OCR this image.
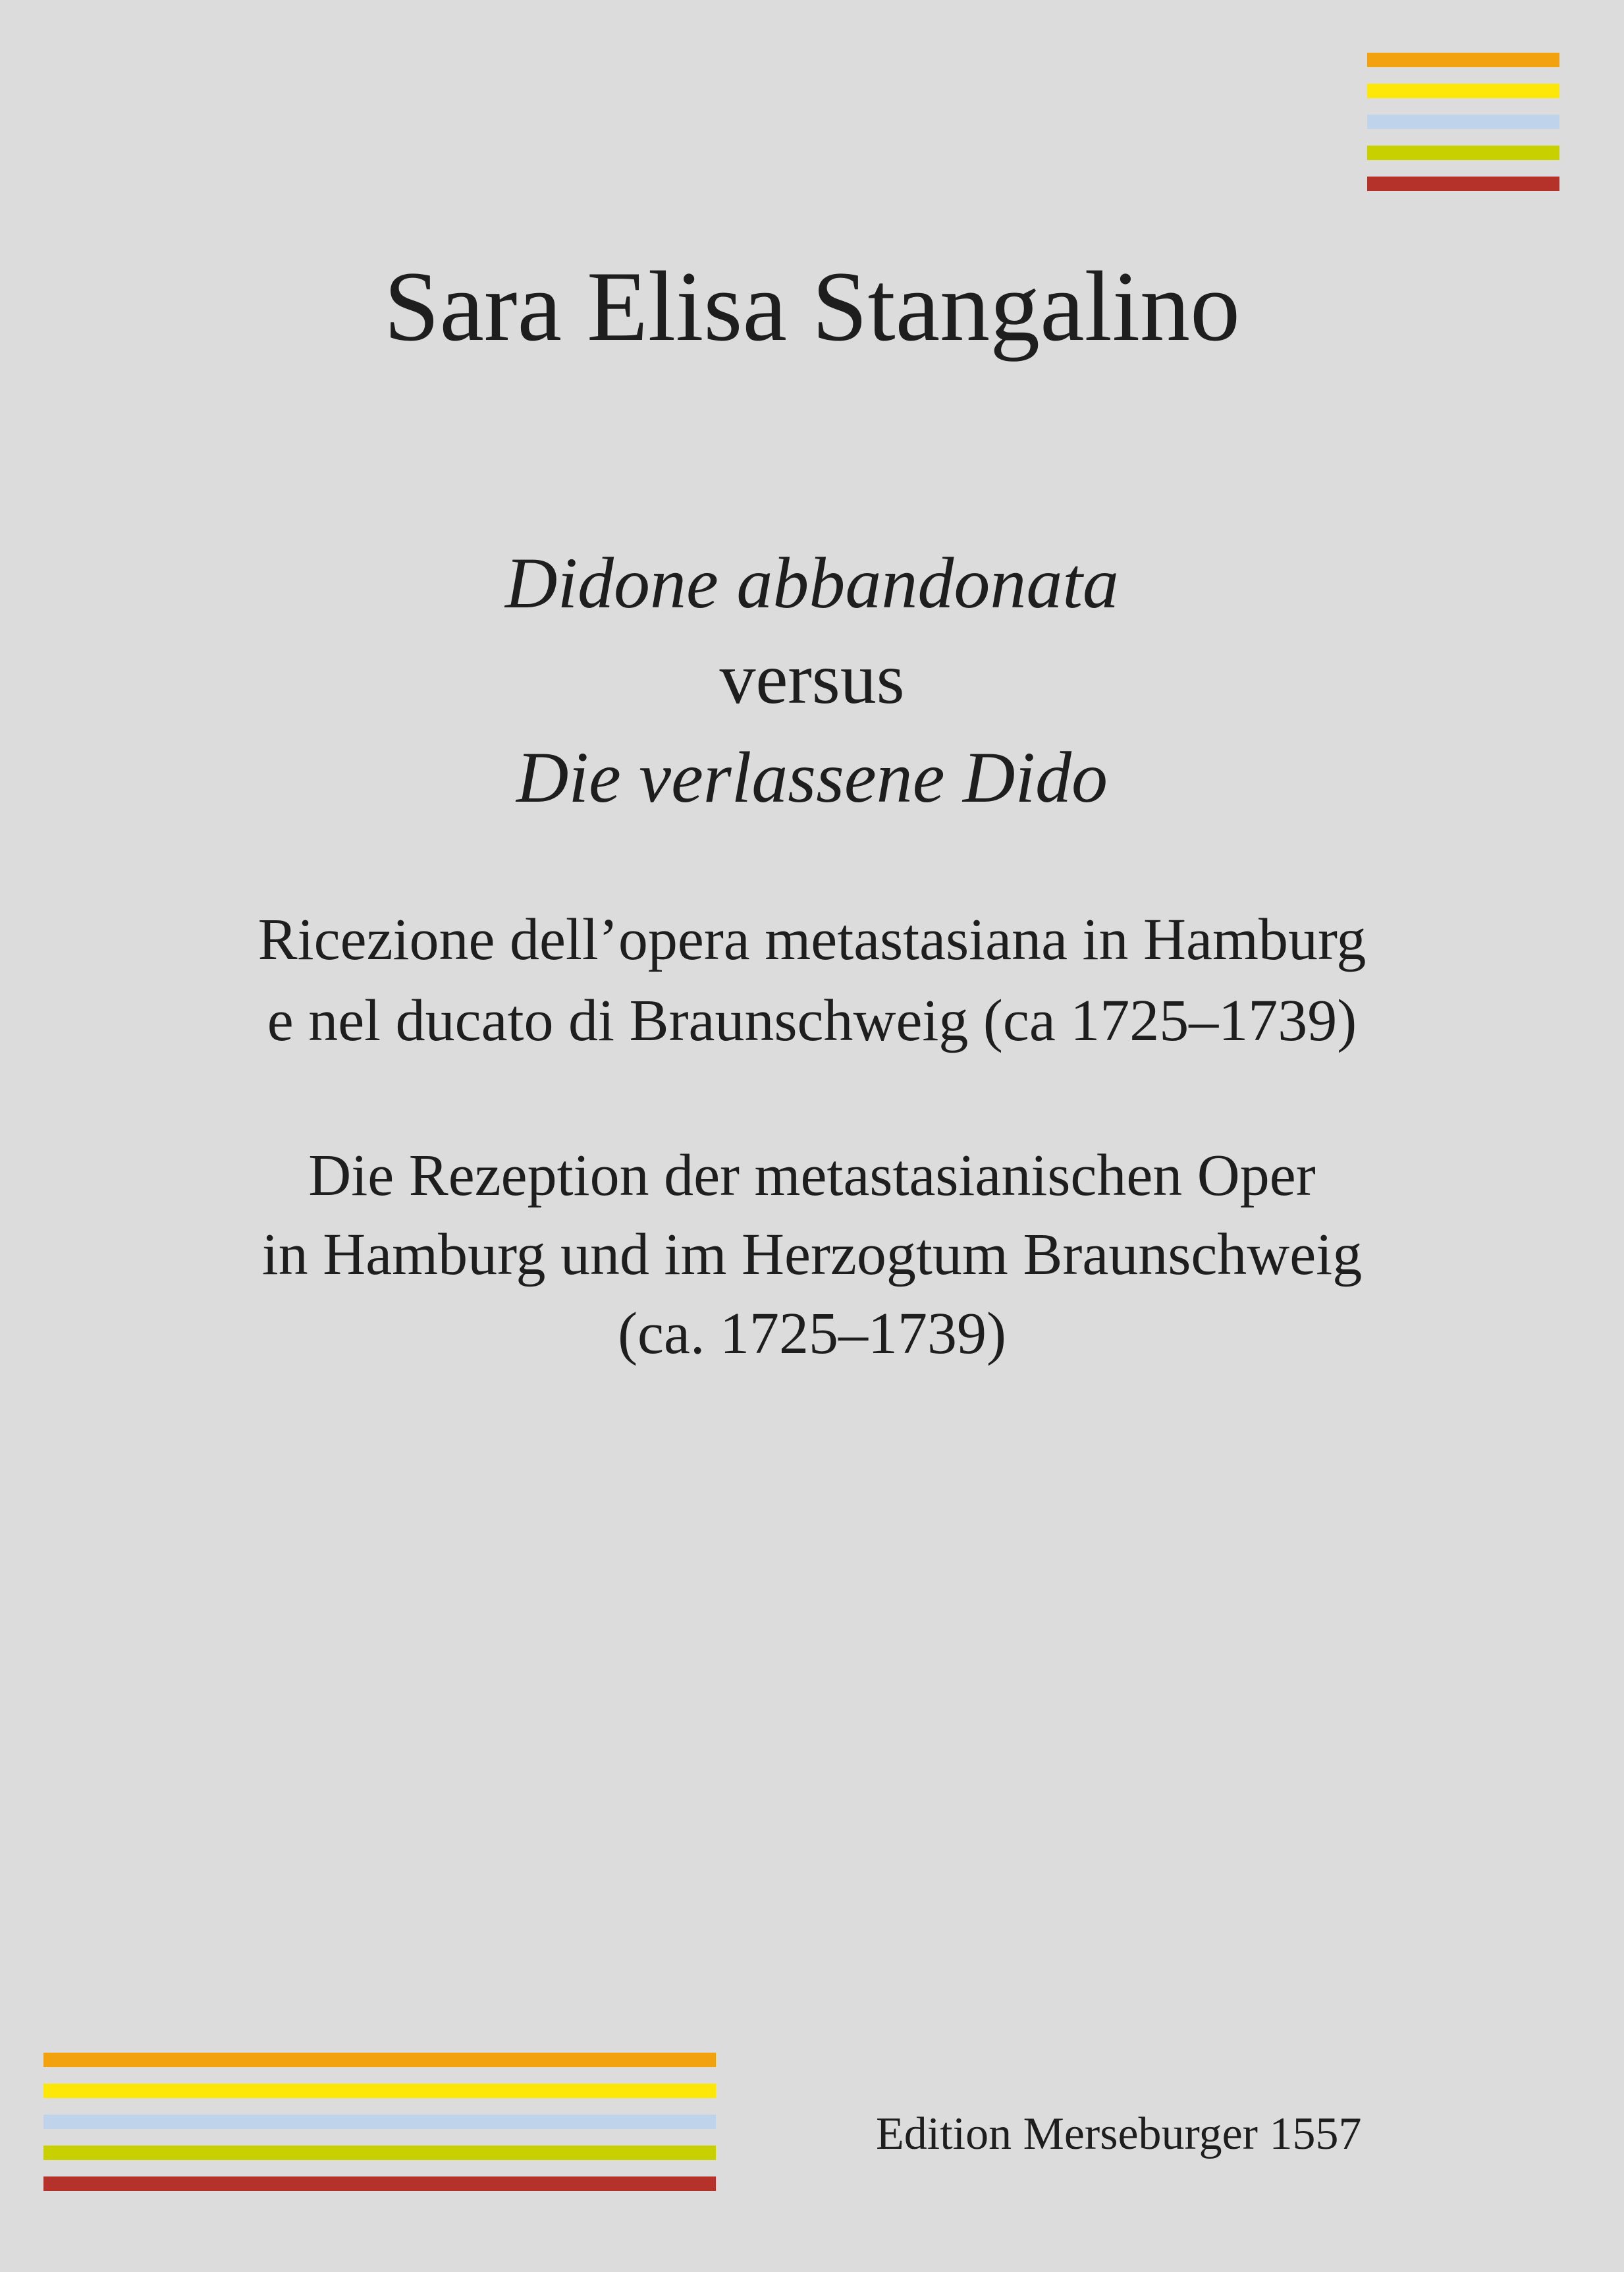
Sara Elisa Stangalino
Didone abbandonata
versus
Die verlassene Dido
Ricezione dell’opera metastasiana in Hamburg
e nel ducato di Braunschweig (ca 1725–1739)
Die Rezeption der metastasianischen Oper
in Hamburg und im Herzogtum Braunschweig
(ca. 1725–1739)
Edition Merseburger 1557
